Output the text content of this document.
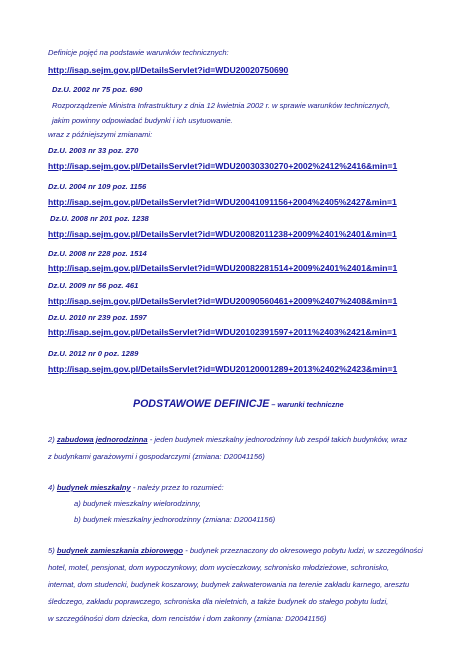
Definicje pojęć na podstawie warunków technicznych:
http://isap.sejm.gov.pl/DetailsServlet?id=WDU20020750690
Dz.U. 2002 nr 75 poz. 690
Rozporządzenie Ministra Infrastruktury z dnia 12 kwietnia 2002 r. w sprawie warunków technicznych,
jakim powinny odpowiadać budynki i ich usytuowanie.
wraz z późniejszymi zmianami:
Dz.U. 2003 nr 33 poz. 270
http://isap.sejm.gov.pl/DetailsServlet?id=WDU20030330270+2002%2412%2416&min=1
Dz.U. 2004 nr 109 poz. 1156
http://isap.sejm.gov.pl/DetailsServlet?id=WDU20041091156+2004%2405%2427&min=1
Dz.U. 2008 nr 201 poz. 1238
http://isap.sejm.gov.pl/DetailsServlet?id=WDU20082011238+2009%2401%2401&min=1
Dz.U. 2008 nr 228 poz. 1514
http://isap.sejm.gov.pl/DetailsServlet?id=WDU20082281514+2009%2401%2401&min=1
Dz.U. 2009 nr 56 poz. 461
http://isap.sejm.gov.pl/DetailsServlet?id=WDU20090560461+2009%2407%2408&min=1
Dz.U. 2010 nr 239 poz. 1597
http://isap.sejm.gov.pl/DetailsServlet?id=WDU20102391597+2011%2403%2421&min=1
Dz.U. 2012 nr 0 poz. 1289
http://isap.sejm.gov.pl/DetailsServlet?id=WDU20120001289+2013%2402%2423&min=1
PODSTAWOWE DEFINICJE – warunki techniczne
2) zabudowa jednorodzinna - jeden budynek mieszkalny jednorodzinny lub zespół takich budynków, wraz
z budynkami garażowymi i gospodarczymi (zmiana: D20041156)
4) budynek mieszkalny - należy przez to rozumieć:
a) budynek mieszkalny wielorodzinny,
b) budynek mieszkalny jednorodzinny (zmiana: D20041156)
5) budynek zamieszkania zbiorowego - budynek przeznaczony do okresowego pobytu ludzi, w szczególności
hotel, motel, pensjonat, dom wypoczynkowy, dom wycieczkowy, schronisko młodzieżowe, schronisko,
internat, dom studencki, budynek koszarowy, budynek zakwaterowania na terenie zakładu karnego, aresztu
śledczego, zakładu poprawczego, schroniska dla nieletnich, a także budynek do stałego pobytu ludzi,
w szczególności dom dziecka, dom rencistów i dom zakonny (zmiana: D20041156)
